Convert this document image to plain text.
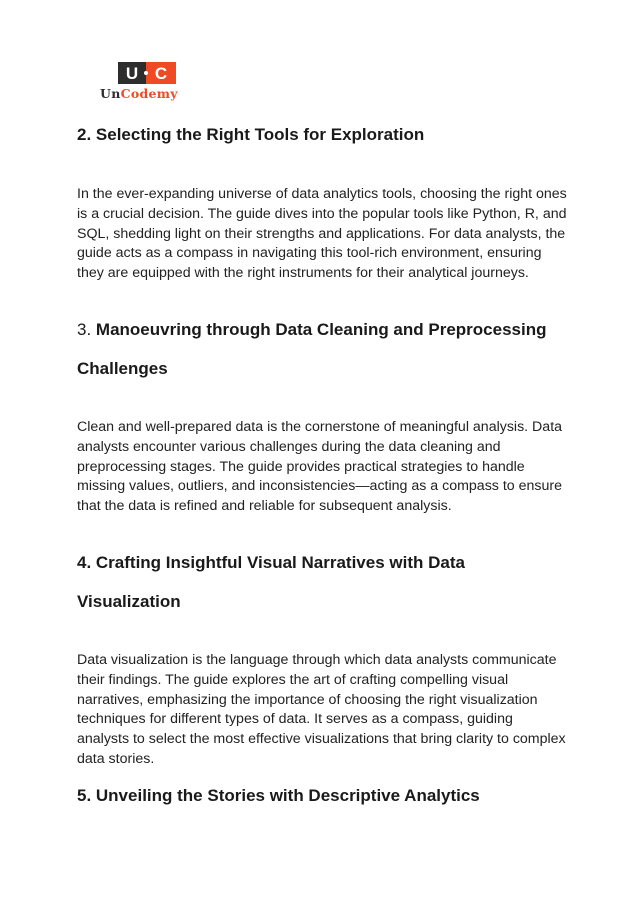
U C
UnCodemy
2. Selecting the Right Tools for Exploration

In the ever-expanding universe of data analytics tools, choosing the right ones is a crucial decision. The guide dives into the popular tools like Python, R, and SQL, shedding light on their strengths and applications. For data analysts, the guide acts as a compass in navigating this tool-rich environment, ensuring they are equipped with the right instruments for their analytical journeys.

3. Manoeuvring through Data Cleaning and Preprocessing
Challenges

Clean and well-prepared data is the cornerstone of meaningful analysis. Data analysts encounter various challenges during the data cleaning and preprocessing stages. The guide provides practical strategies to handle missing values, outliers, and inconsistencies—acting as a compass to ensure that the data is refined and reliable for subsequent analysis.

4. Crafting Insightful Visual Narratives with Data
Visualization

Data visualization is the language through which data analysts communicate their findings. The guide explores the art of crafting compelling visual narratives, emphasizing the importance of choosing the right visualization techniques for different types of data. It serves as a compass, guiding analysts to select the most effective visualizations that bring clarity to complex data stories.

5. Unveiling the Stories with Descriptive Analytics
